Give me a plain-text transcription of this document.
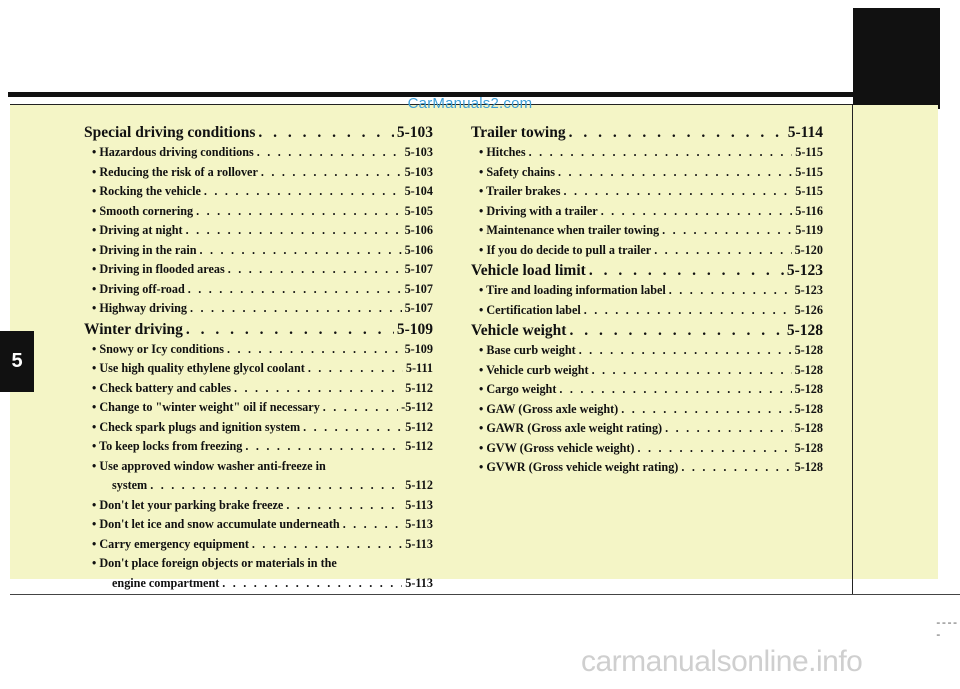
CarManuals2.com
5
Special driving conditions . . .	5-103
• Hazardous driving conditions . . .	5-103
• Reducing the risk of a rollover . . .	5-103
• Rocking the vehicle . . .	5-104
• Smooth cornering . . .	5-105
• Driving at night . . .	5-106
• Driving in the rain . . .	5-106
• Driving in flooded areas . . .	5-107
• Driving off-road . . .	5-107
• Highway driving . . .	5-107
Winter driving . . .	5-109
• Snowy or Icy conditions . . .	5-109
• Use high quality ethylene glycol coolant . . .	5-111
• Check battery and cables . . .	5-112
• Change to "winter weight" oil if necessary . . .	-5-112
• Check spark plugs and ignition system . . .	5-112
• To keep locks from freezing . . .	5-112
• Use approved window washer anti-freeze in
system . . .	5-112
• Don't let your parking brake freeze . . .	5-113
• Don't let ice and snow accumulate underneath . . .	5-113
• Carry emergency equipment . . .	5-113
• Don't place foreign objects or materials in the
engine compartment . . .	5-113
Trailer towing . . .	5-114
• Hitches . . .	5-115
• Safety chains . . .	5-115
• Trailer brakes . . .	5-115
• Driving with a trailer . . .	5-116
• Maintenance when trailer towing . . .	5-119
• If you do decide to pull a trailer . . .	5-120
Vehicle load limit . . .	5-123
• Tire and loading information label . . .	5-123
• Certification label . . .	5-126
Vehicle weight . . .	5-128
• Base curb weight . . .	5-128
• Vehicle curb weight . . .	5-128
• Cargo weight . . .	5-128
• GAW (Gross axle weight) . . .	5-128
• GAWR (Gross axle weight rating) . . .	5-128
• GVW (Gross vehicle weight) . . .	5-128
• GVWR (Gross vehicle weight rating) . . .	5-128
-----
carmanualsonline.info
